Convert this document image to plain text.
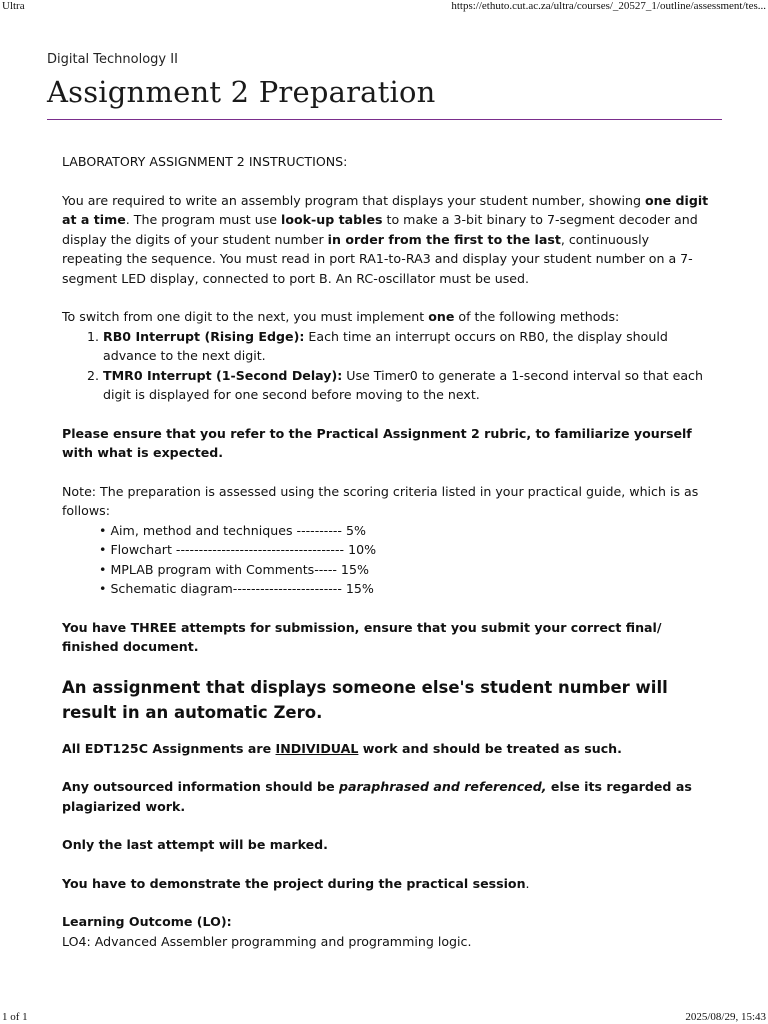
Ultra	https://ethuto.cut.ac.za/ultra/courses/_20527_1/outline/assessment/tes...

Digital Technology II

Assignment 2 Preparation

LABORATORY ASSIGNMENT 2 INSTRUCTIONS:

You are required to write an assembly program that displays your student number, showing one digit at a time. The program must use look-up tables to make a 3-bit binary to 7-segment decoder and display the digits of your student number in order from the first to the last, continuously repeating the sequence. You must read in port RA1-to-RA3 and display your student number on a 7-segment LED display, connected to port B. An RC-oscillator must be used.

To switch from one digit to the next, you must implement one of the following methods:

1. RB0 Interrupt (Rising Edge): Each time an interrupt occurs on RB0, the display should advance to the next digit.
2. TMR0 Interrupt (1-Second Delay): Use Timer0 to generate a 1-second interval so that each digit is displayed for one second before moving to the next.

Please ensure that you refer to the Practical Assignment 2 rubric, to familiarize yourself with what is expected.

Note: The preparation is assessed using the scoring criteria listed in your practical guide, which is as follows:

• Aim, method and techniques ---------- 5%
• Flowchart ------------------------------------- 10%
• MPLAB program with Comments----- 15%
• Schematic diagram------------------------ 15%

You have THREE attempts for submission, ensure that you submit your correct final/ finished document.

An assignment that displays someone else's student number will result in an automatic Zero.

All EDT125C Assignments are INDIVIDUAL work and should be treated as such.

Any outsourced information should be paraphrased and referenced, else its regarded as plagiarized work.

Only the last attempt will be marked.

You have to demonstrate the project during the practical session.

Learning Outcome (LO):

LO4: Advanced Assembler programming and programming logic.

1 of 1	2025/08/29, 15:43
